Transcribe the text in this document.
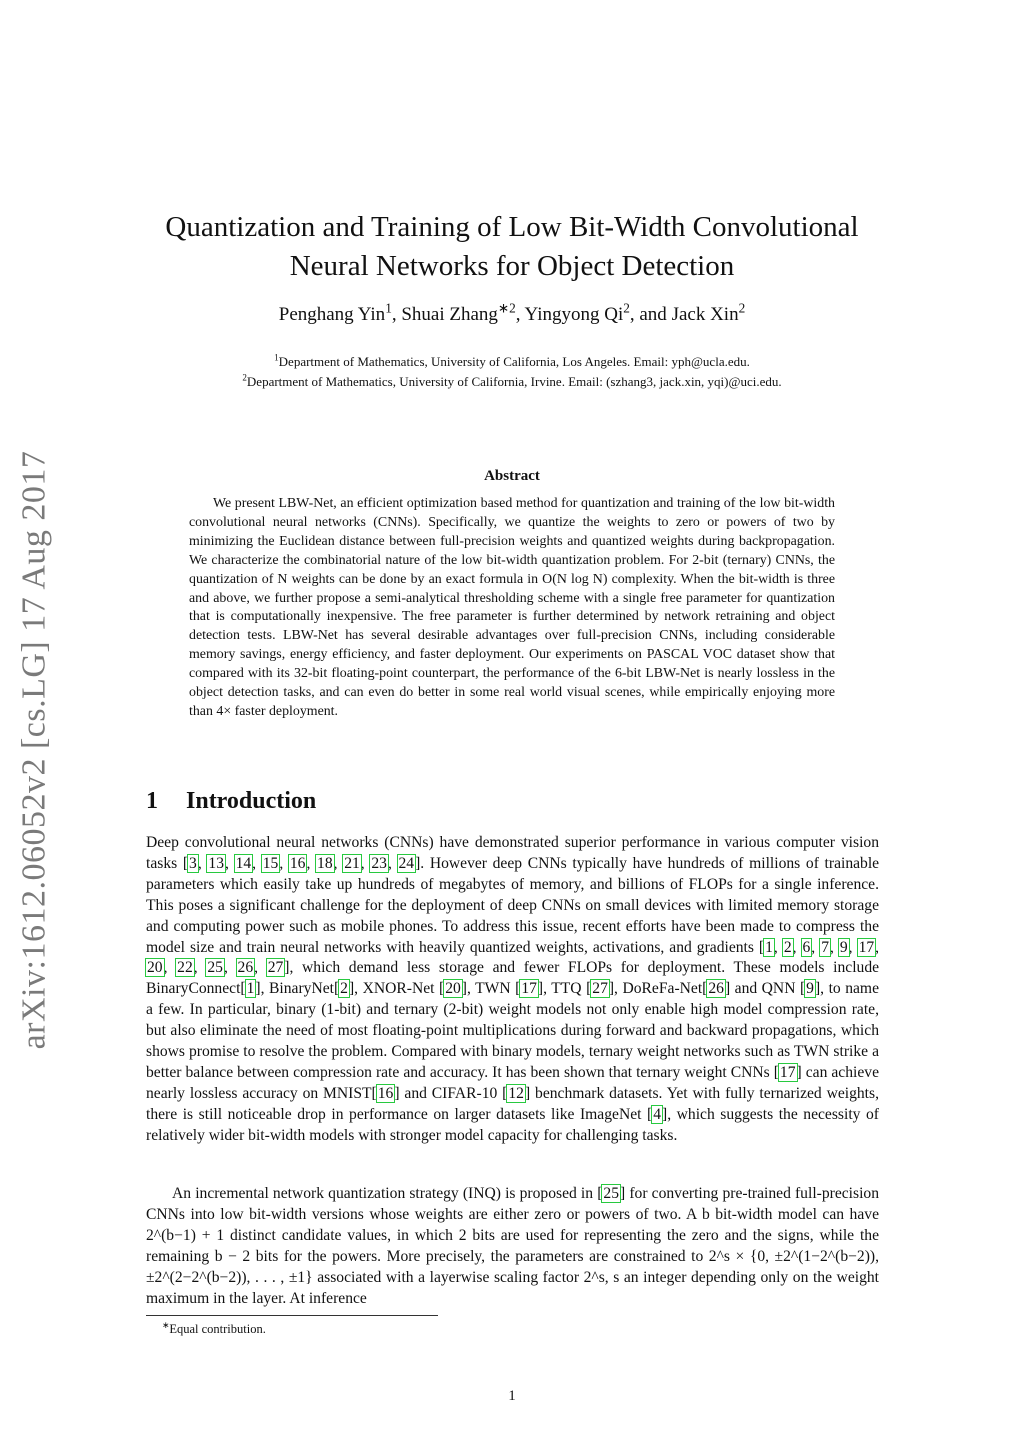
arXiv:1612.06052v2 [cs.LG] 17 Aug 2017
Quantization and Training of Low Bit-Width Convolutional
Neural Networks for Object Detection
Penghang Yin$^1$, Shuai Zhang$^{∗2}$, Yingyong Qi$^2$, and Jack Xin$^2$
$^1$Department of Mathematics, University of California, Los Angeles. Email: yph@ucla.edu.
$^2$Department of Mathematics, University of California, Irvine. Email: (szhang3, jack.xin, yqi)@uci.edu.
Abstract

We present LBW-Net, an efficient optimization based method for quantization and training of the low bit-width convolutional neural networks (CNNs). Specifically, we quantize the weights to zero or powers of two by minimizing the Euclidean distance between full-precision weights and quantized weights during backpropagation. We characterize the combinatorial nature of the low bit-width quantization problem. For 2-bit (ternary) CNNs, the quantization of N weights can be done by an exact formula in O(N log N) complexity. When the bit-width is three and above, we further propose a semi-analytical thresholding scheme with a single free parameter for quantization that is computationally inexpensive. The free parameter is further determined by network retraining and object detection tests. LBW-Net has several desirable advantages over full-precision CNNs, including considerable memory savings, energy efficiency, and faster deployment. Our experiments on PASCAL VOC dataset show that compared with its 32-bit floating-point counterpart, the performance of the 6-bit LBW-Net is nearly lossless in the object detection tasks, and can even do better in some real world visual scenes, while empirically enjoying more than 4× faster deployment.

1 Introduction

Deep convolutional neural networks (CNNs) have demonstrated superior performance in various computer vision tasks [3, 13, 14, 15, 16, 18, 21, 23, 24]. However deep CNNs typically have hundreds of millions of trainable parameters which easily take up hundreds of megabytes of memory, and billions of FLOPs for a single inference. This poses a significant challenge for the deployment of deep CNNs on small devices with limited memory storage and computing power such as mobile phones. To address this issue, recent efforts have been made to compress the model size and train neural networks with heavily quantized weights, activations, and gradients [1, 2, 6, 7, 9, 17, 20, 22, 25, 26, 27], which demand less storage and fewer FLOPs for deployment. These models include BinaryConnect[1], BinaryNet[2], XNOR-Net [20], TWN [17], TTQ [27], DoReFa-Net[26] and QNN [9], to name a few. In particular, binary (1-bit) and ternary (2-bit) weight models not only enable high model compression rate, but also eliminate the need of most floating-point multiplications during forward and backward propagations, which shows promise to resolve the problem. Compared with binary models, ternary weight networks such as TWN strike a better balance between compression rate and accuracy. It has been shown that ternary weight CNNs [17] can achieve nearly lossless accuracy on MNIST[16] and CIFAR-10 [12] benchmark datasets. Yet with fully ternarized weights, there is still noticeable drop in performance on larger datasets like ImageNet [4], which suggests the necessity of relatively wider bit-width models with stronger model capacity for challenging tasks.

An incremental network quantization strategy (INQ) is proposed in [25] for converting pre-trained full-precision CNNs into low bit-width versions whose weights are either zero or powers of two. A b bit-width model can have 2^(b−1) + 1 distinct candidate values, in which 2 bits are used for representing the zero and the signs, while the remaining b − 2 bits for the powers. More precisely, the parameters are constrained to 2^s × {0, ±2^(1−2^(b−2)), ±2^(2−2^(b−2)), . . . , ±1} associated with a layerwise scaling factor 2^s, s an integer depending only on the weight maximum in the layer. At inference

∗Equal contribution.
1
